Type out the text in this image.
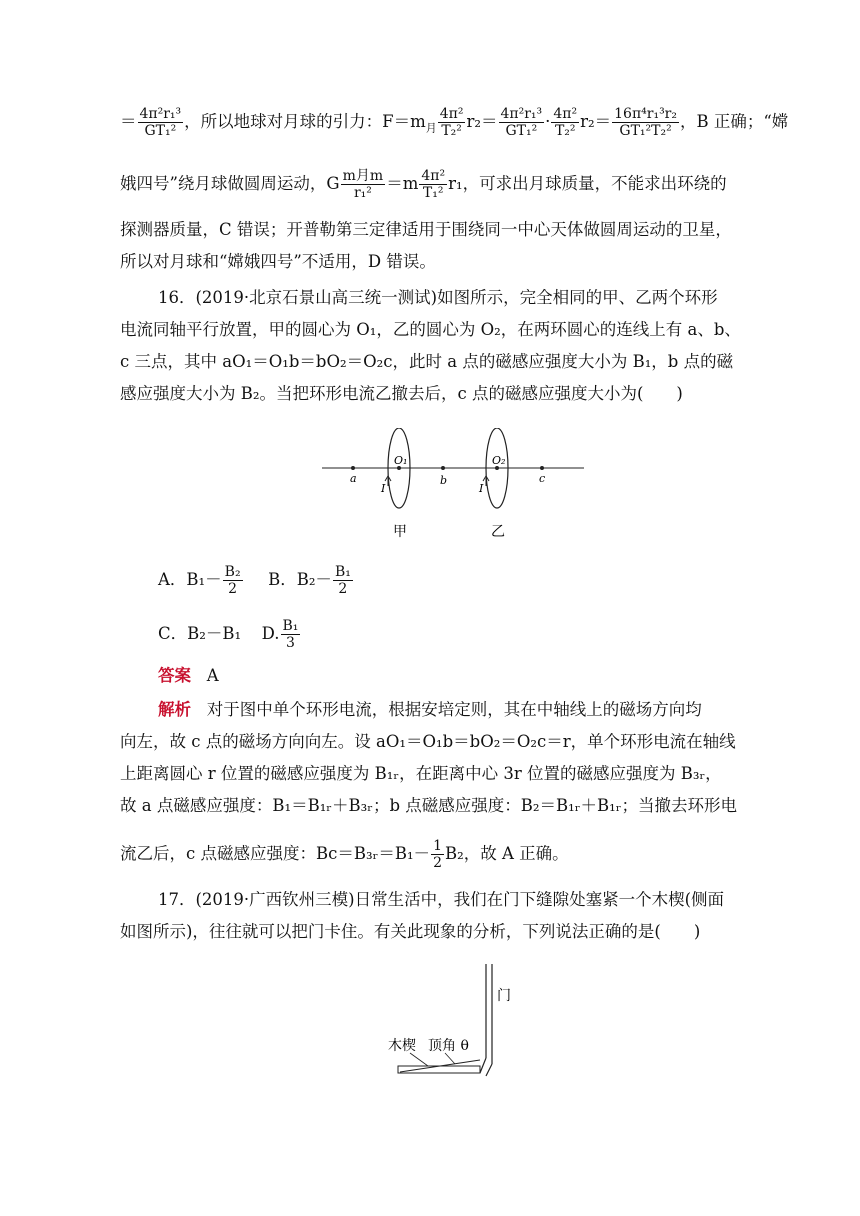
＝ $\frac{\text{4π²r₁³}}{\text{GT₁²}}$ ，所以地球对月球的引力：$F=m_月 \frac{\text{4π²}}{\text{T₂²}} r_2= \frac{\text{4π²r₁³}}{\text{GT₁²}} \cdot \frac{\text{4π²}}{\text{T₂²}} r_2= \frac{\text{16π⁴r₁³r₂}}{\text{GT₁²T₂²}}$ ，B 正确；“嫦
娥四号”绕月球做圆周运动，G $\frac{\text{m月m}}{\text{r₁²}} =m \frac{\text{4π²}}{\text{T₁²}} r_1$，可求出月球质量，不能求出环绕的
探测器质量，C 错误；开普勒第三定律适用于围绕同一中心天体做圆周运动的卫星，
所以对月球和“嫦娥四号”不适用，D 错误。
16．(2019·北京石景山高三统一测试)如图所示，完全相同的甲、乙两个环形
电流同轴平行放置，甲的圆心为 O₁，乙的圆心为 O₂，在两环圆心的连线上有 a、b、
c 三点，其中 aO₁＝O₁b＝bO₂＝O₂c，此时 a 点的磁感应强度大小为 B₁，b 点的磁
感应强度大小为 B₂。当把环形电流乙撤去后，c 点的磁感应强度大小为(　　)
a
O₁
b
O₂
c
I	I
甲	乙
A．$B_1- \frac{\text{B₂}}{2}$ B．$B_2- \frac{\text{B₁}}{2}$
C．B₂－B₁ D. $\frac{\text{B₁}}{3}$
答案 A
解析 对于图中单个环形电流，根据安培定则，其在中轴线上的磁场方向均
向左，故 c 点的磁场方向向左。设 aO₁＝O₁b＝bO₂＝O₂c＝r，单个环形电流在轴线
上距离圆心 r 位置的磁感应强度为 B₁ᵣ，在距离中心 3r 位置的磁感应强度为 B₃ᵣ，
故 a 点磁感应强度：B₁＝B₁ᵣ＋B₃ᵣ；b 点磁感应强度：B₂＝B₁ᵣ＋B₁ᵣ；当撤去环形电
流乙后，c 点磁感应强度：Bc＝B₃ᵣ＝B₁－ $\frac{1}{2} B_2$，故 A 正确。
17．(2019·广西钦州三模)日常生活中，我们在门下缝隙处塞紧一个木楔(侧面
如图所示)，往往就可以把门卡住。有关此现象的分析，下列说法正确的是(　　)
门
木楔 顶角 θ
